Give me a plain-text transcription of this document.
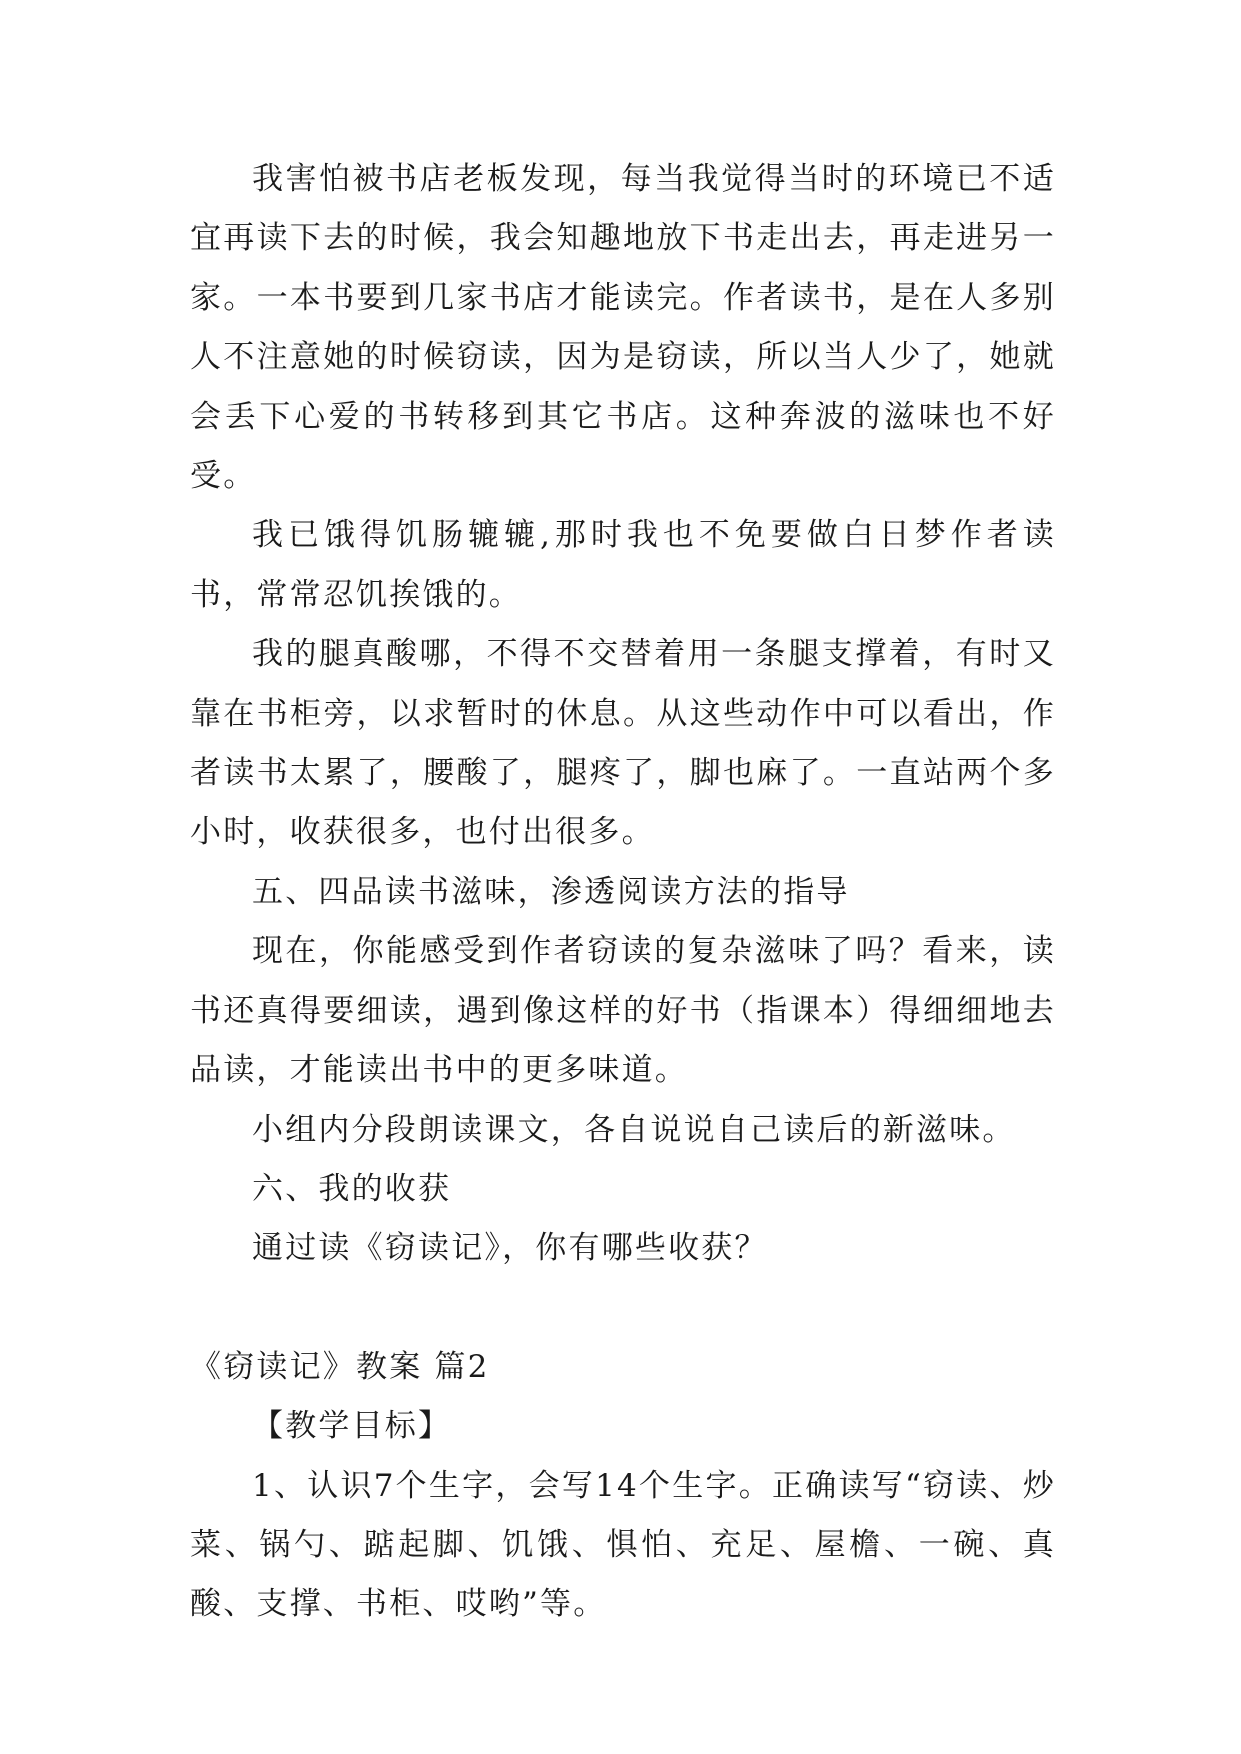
我害怕被书店老板发现，每当我觉得当时的环境已不适宜再读下去的时候，我会知趣地放下书走出去，再走进另一家。一本书要到几家书店才能读完。作者读书，是在人多别人不注意她的时候窃读，因为是窃读，所以当人少了，她就会丢下心爱的书转移到其它书店。这种奔波的滋味也不好受。

我已饿得饥肠辘辘,那时我也不免要做白日梦作者读书，常常忍饥挨饿的。

我的腿真酸哪，不得不交替着用一条腿支撑着，有时又靠在书柜旁，以求暂时的休息。从这些动作中可以看出，作者读书太累了，腰酸了，腿疼了，脚也麻了。一直站两个多小时，收获很多，也付出很多。

五、四品读书滋味，渗透阅读方法的指导

现在，你能感受到作者窃读的复杂滋味了吗？看来，读书还真得要细读，遇到像这样的好书（指课本）得细细地去品读，才能读出书中的更多味道。

小组内分段朗读课文，各自说说自己读后的新滋味。

六、我的收获

通过读《窃读记》，你有哪些收获？

《窃读记》教案 篇2

【教学目标】

1、认识7个生字，会写14个生字。正确读写“窃读、炒菜、锅勺、踮起脚、饥饿、惧怕、充足、屋檐、一碗、真酸、支撑、书柜、哎哟”等。
